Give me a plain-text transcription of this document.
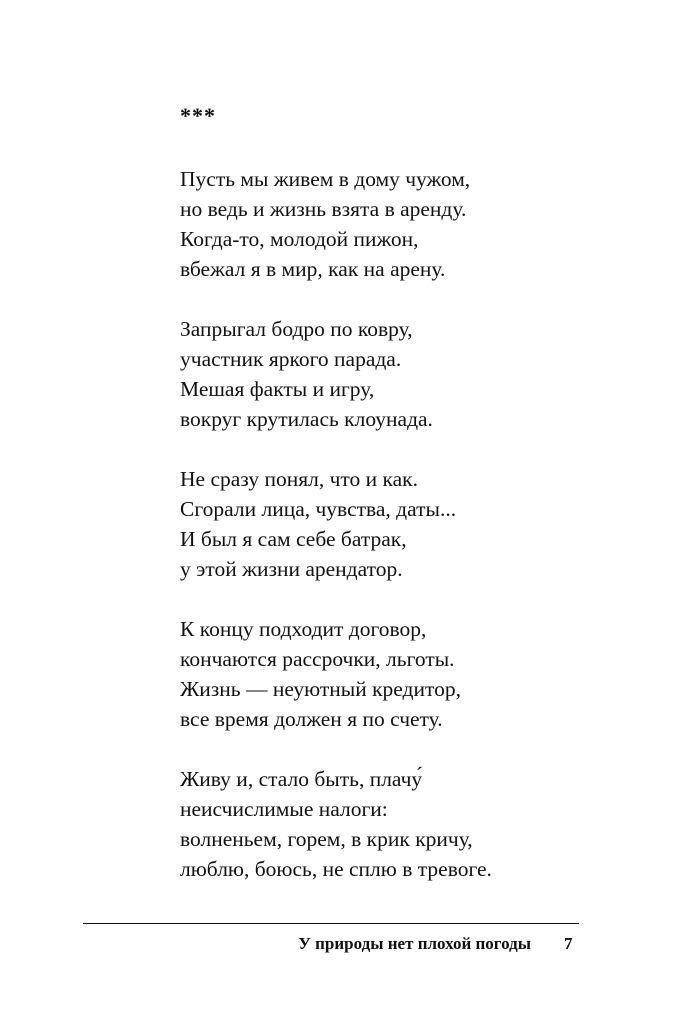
***
Пусть мы живем в дому чужом,
но ведь и жизнь взята в аренду.
Когда-то, молодой пижон,
вбежал я в мир, как на арену.
Запрыгал бодро по ковру,
участник яркого парада.
Мешая факты и игру,
вокруг крутилась клоунада.
Не сразу понял, что и как.
Сгорали лица, чувства, даты...
И был я сам себе батрак,
у этой жизни арендатор.
К концу подходит договор,
кончаются рассрочки, льготы.
Жизнь — неуютный кредитор,
все время должен я по счету.
Живу и, стало быть, плачу́
неисчислимые налоги:
волненьем, горем, в крик кричу,
люблю, боюсь, не сплю в тревоге.
У природы нет плохой погоды 7
